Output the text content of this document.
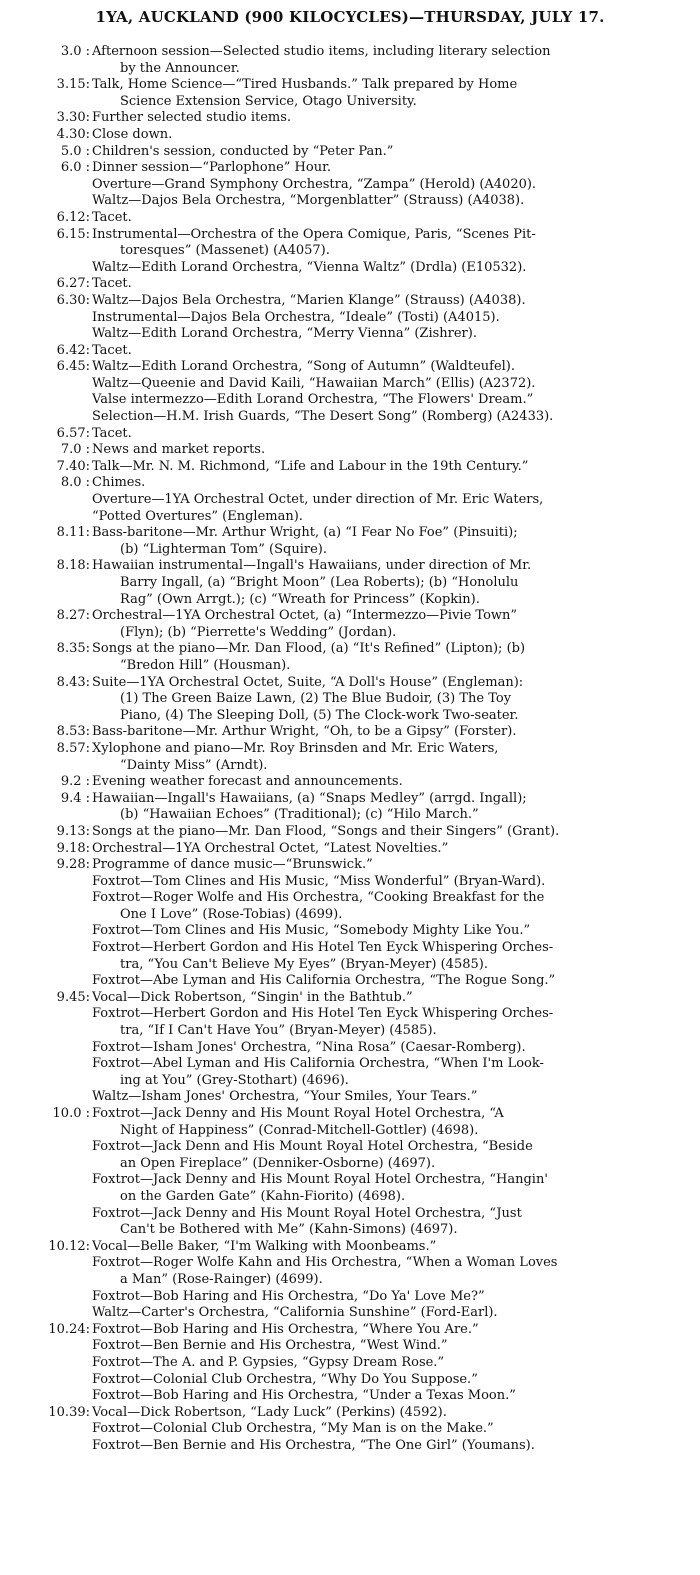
1YA, AUCKLAND (900 KILOCYCLES)—THURSDAY, JULY 17.
3.0 : Afternoon session—Selected studio items, including literary selection
by the Announcer.
3.15: Talk, Home Science—“Tired Husbands.” Talk prepared by Home
Science Extension Service, Otago University.
3.30: Further selected studio items.
4.30: Close down.
5.0 : Children's session, conducted by “Peter Pan.”
6.0 : Dinner session—“Parlophone” Hour.
Overture—Grand Symphony Orchestra, “Zampa” (Herold) (A4020).
Waltz—Dajos Bela Orchestra, “Morgenblatter” (Strauss) (A4038).
6.12: Tacet.
6.15: Instrumental—Orchestra of the Opera Comique, Paris, “Scenes Pit-
toresques” (Massenet) (A4057).
Waltz—Edith Lorand Orchestra, “Vienna Waltz” (Drdla) (E10532).
6.27: Tacet.
6.30: Waltz—Dajos Bela Orchestra, “Marien Klange” (Strauss) (A4038).
Instrumental—Dajos Bela Orchestra, “Ideale” (Tosti) (A4015).
Waltz—Edith Lorand Orchestra, “Merry Vienna” (Zishrer).
6.42: Tacet.
6.45: Waltz—Edith Lorand Orchestra, “Song of Autumn” (Waldteufel).
Waltz—Queenie and David Kaili, “Hawaiian March” (Ellis) (A2372).
Valse intermezzo—Edith Lorand Orchestra, “The Flowers' Dream.”
Selection—H.M. Irish Guards, “The Desert Song” (Romberg) (A2433).
6.57: Tacet.
7.0 : News and market reports.
7.40: Talk—Mr. N. M. Richmond, “Life and Labour in the 19th Century.”
8.0 : Chimes.
Overture—1YA Orchestral Octet, under direction of Mr. Eric Waters,
“Potted Overtures” (Engleman).
8.11: Bass-baritone—Mr. Arthur Wright, (a) “I Fear No Foe” (Pinsuiti);
(b) “Lighterman Tom” (Squire).
8.18: Hawaiian instrumental—Ingall's Hawaiians, under direction of Mr.
Barry Ingall, (a) “Bright Moon” (Lea Roberts); (b) “Honolulu
Rag” (Own Arrgt.); (c) “Wreath for Princess” (Kopkin).
8.27: Orchestral—1YA Orchestral Octet, (a) “Intermezzo—Pivie Town”
(Flyn); (b) “Pierrette's Wedding” (Jordan).
8.35: Songs at the piano—Mr. Dan Flood, (a) “It's Refined” (Lipton); (b)
“Bredon Hill” (Housman).
8.43: Suite—1YA Orchestral Octet, Suite, “A Doll's House” (Engleman):
(1) The Green Baize Lawn, (2) The Blue Budoir, (3) The Toy
Piano, (4) The Sleeping Doll, (5) The Clock-work Two-seater.
8.53: Bass-baritone—Mr. Arthur Wright, “Oh, to be a Gipsy” (Forster).
8.57: Xylophone and piano—Mr. Roy Brinsden and Mr. Eric Waters,
“Dainty Miss” (Arndt).
9.2 : Evening weather forecast and announcements.
9.4 : Hawaiian—Ingall's Hawaiians, (a) “Snaps Medley” (arrgd. Ingall);
(b) “Hawaiian Echoes” (Traditional); (c) “Hilo March.”
9.13: Songs at the piano—Mr. Dan Flood, “Songs and their Singers” (Grant).
9.18: Orchestral—1YA Orchestral Octet, “Latest Novelties.”
9.28: Programme of dance music—“Brunswick.”
Foxtrot—Tom Clines and His Music, “Miss Wonderful” (Bryan-Ward).
Foxtrot—Roger Wolfe and His Orchestra, “Cooking Breakfast for the
One I Love” (Rose-Tobias) (4699).
Foxtrot—Tom Clines and His Music, “Somebody Mighty Like You.”
Foxtrot—Herbert Gordon and His Hotel Ten Eyck Whispering Orches-
tra, “You Can't Believe My Eyes” (Bryan-Meyer) (4585).
Foxtrot—Abe Lyman and His California Orchestra, “The Rogue Song.”
9.45: Vocal—Dick Robertson, “Singin' in the Bathtub.”
Foxtrot—Herbert Gordon and His Hotel Ten Eyck Whispering Orches-
tra, “If I Can't Have You” (Bryan-Meyer) (4585).
Foxtrot—Isham Jones' Orchestra, “Nina Rosa” (Caesar-Romberg).
Foxtrot—Abel Lyman and His California Orchestra, “When I'm Look-
ing at You” (Grey-Stothart) (4696).
Waltz—Isham Jones' Orchestra, “Your Smiles, Your Tears.”
10.0 : Foxtrot—Jack Denny and His Mount Royal Hotel Orchestra, “A
Night of Happiness” (Conrad-Mitchell-Gottler) (4698).
Foxtrot—Jack Denn and His Mount Royal Hotel Orchestra, “Beside
an Open Fireplace” (Denniker-Osborne) (4697).
Foxtrot—Jack Denny and His Mount Royal Hotel Orchestra, “Hangin'
on the Garden Gate” (Kahn-Fiorito) (4698).
Foxtrot—Jack Denny and His Mount Royal Hotel Orchestra, “Just
Can't be Bothered with Me” (Kahn-Simons) (4697).
10.12: Vocal—Belle Baker, “I'm Walking with Moonbeams.”
Foxtrot—Roger Wolfe Kahn and His Orchestra, “When a Woman Loves
a Man” (Rose-Rainger) (4699).
Foxtrot—Bob Haring and His Orchestra, “Do Ya' Love Me?”
Waltz—Carter's Orchestra, “California Sunshine” (Ford-Earl).
10.24: Foxtrot—Bob Haring and His Orchestra, “Where You Are.”
Foxtrot—Ben Bernie and His Orchestra, “West Wind.”
Foxtrot—The A. and P. Gypsies, “Gypsy Dream Rose.”
Foxtrot—Colonial Club Orchestra, “Why Do You Suppose.”
Foxtrot—Bob Haring and His Orchestra, “Under a Texas Moon.”
10.39: Vocal—Dick Robertson, “Lady Luck” (Perkins) (4592).
Foxtrot—Colonial Club Orchestra, “My Man is on the Make.”
Foxtrot—Ben Bernie and His Orchestra, “The One Girl” (Youmans).
